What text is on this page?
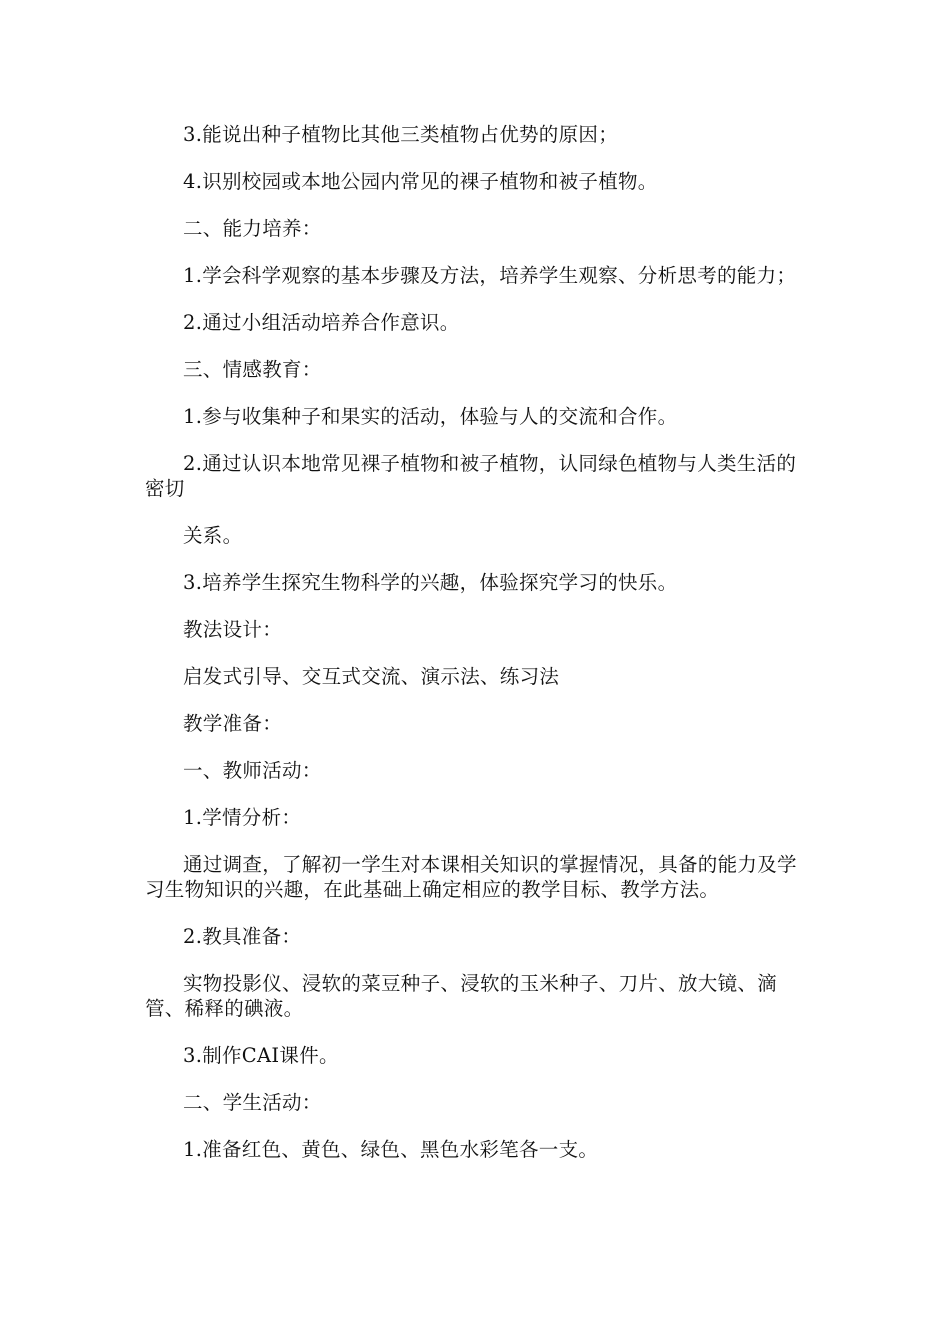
3.能说出种子植物比其他三类植物占优势的原因；

4.识别校园或本地公园内常见的裸子植物和被子植物。

二、能力培养：

1.学会科学观察的基本步骤及方法，培养学生观察、分析思考的能力；

2.通过小组活动培养合作意识。

三、情感教育：

1.参与收集种子和果实的活动，体验与人的交流和合作。

2.通过认识本地常见裸子植物和被子植物，认同绿色植物与人类生活的密切

关系。

3.培养学生探究生物科学的兴趣，体验探究学习的快乐。

教法设计：

启发式引导、交互式交流、演示法、练习法

教学准备：

一、教师活动：

1.学情分析：

通过调查，了解初一学生对本课相关知识的掌握情况，具备的能力及学习生物知识的兴趣，在此基础上确定相应的教学目标、教学方法。

2.教具准备：

实物投影仪、浸软的菜豆种子、浸软的玉米种子、刀片、放大镜、滴管、稀释的碘液。

3.制作CAI课件。

二、学生活动：

1.准备红色、黄色、绿色、黑色水彩笔各一支。
